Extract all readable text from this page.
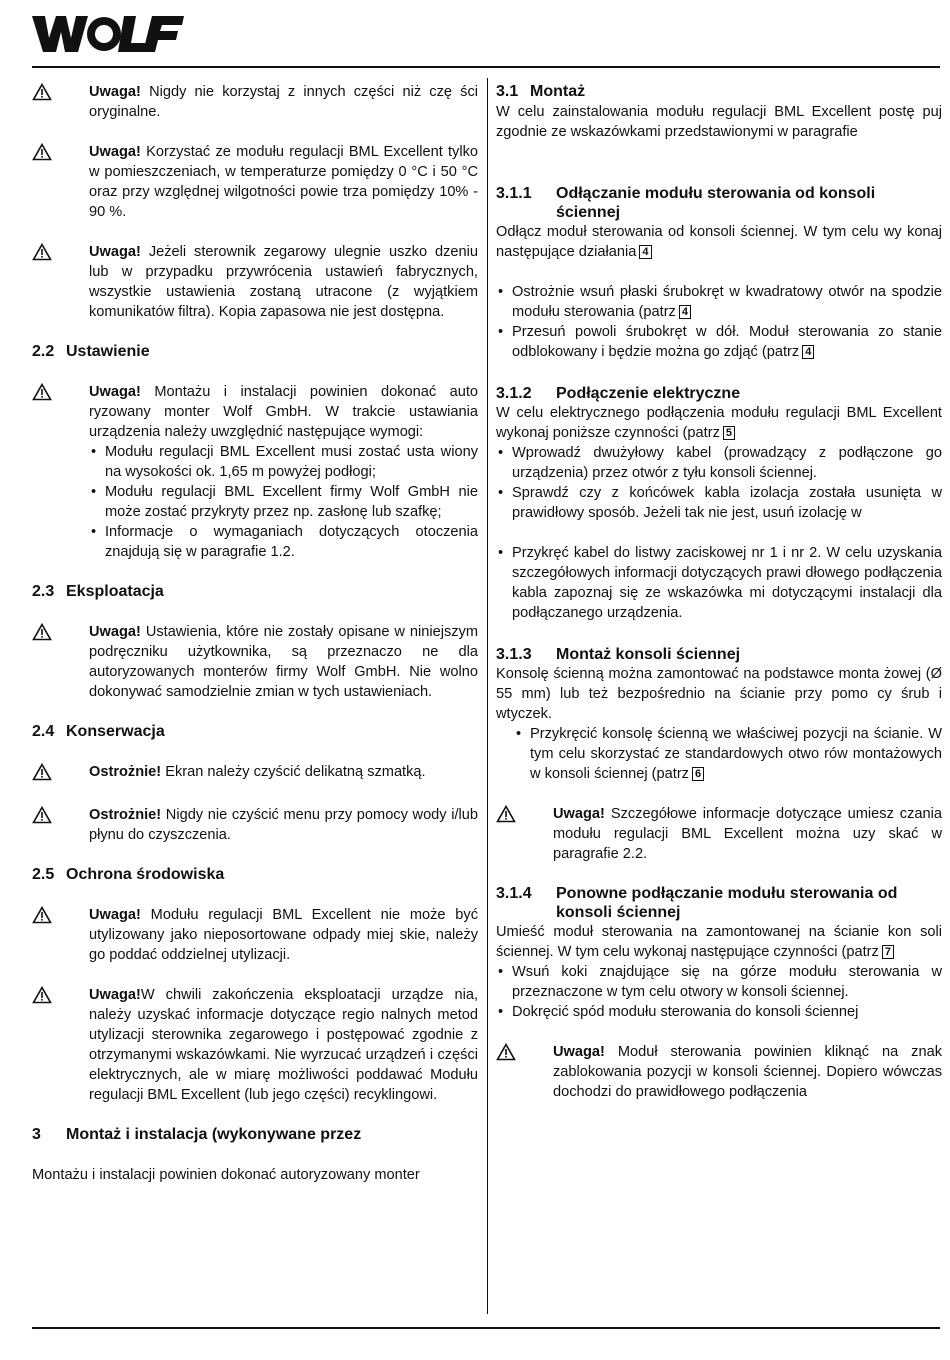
Uwaga! Nigdy nie korzystaj z innych części niż czę ści oryginalne.

Uwaga! Korzystać ze modułu regulacji BML Excellent tylko w pomieszczeniach, w temperaturze pomiędzy 0 °C i 50 °C oraz przy względnej wilgotności powie trza pomiędzy 10% - 90 %.

Uwaga! Jeżeli sterownik zegarowy ulegnie uszko dzeniu lub w przypadku przywrócenia ustawień fabrycznych, wszystkie ustawienia zostaną utracone (z wyjątkiem komunikatów filtra). Kopia zapasowa nie jest dostępna.

2.2 Ustawienie

Uwaga! Montażu i instalacji powinien dokonać auto ryzowany monter Wolf GmbH. W trakcie ustawiania urządzenia należy uwzględnić następujące wymogi:

• Modułu regulacji BML Excellent musi zostać usta wiony na wysokości ok. 1,65 m powyżej podłogi;
• Modułu regulacji BML Excellent firmy Wolf GmbH nie może zostać przykryty przez np. zasłonę lub szafkę;
• Informacje o wymaganiach dotyczących otoczenia znajdują się w paragrafie 1.2.
2.3 Eksploatacja

Uwaga! Ustawienia, które nie zostały opisane w niniejszym podręczniku użytkownika, są przeznaczo ne dla autoryzowanych monterów firmy Wolf GmbH. Nie wolno dokonywać samodzielnie zmian w tych ustawieniach.

2.4 Konserwacja

Ostrożnie! Ekran należy czyścić delikatną szmatką.

Ostrożnie! Nigdy nie czyścić menu przy pomocy wody i/lub płynu do czyszczenia.

2.5 Ochrona środowiska

Uwaga! Modułu regulacji BML Excellent nie może być utylizowany jako nieposortowane odpady miej skie, należy go poddać oddzielnej utylizacji.

Uwaga!W chwili zakończenia eksploatacji urządze nia, należy uzyskać informacje dotyczące regio nalnych metod utylizacji sterownika zegarowego i postępować zgodnie z otrzymanymi wskazówkami. Nie wyrzucać urządzeń i części elektrycznych, ale w miarę możliwości poddawać Modułu regulacji BML Excellent (lub jego części) recyklingowi.

3	Montaż i instalacja (wykonywane przez

Montażu i instalacji powinien dokonać autoryzowany monter

3.1 Montaż

W celu zainstalowania modułu regulacji BML Excellent postę puj zgodnie ze wskazówkami przedstawionymi w paragrafie

3.1.1	Odłączanie modułu sterowania od konsoli ściennej

Odłącz moduł sterowania od konsoli ściennej. W tym celu wy konaj następujące działania 4

• Ostrożnie wsuń płaski śrubokręt w kwadratowy otwór na spodzie modułu sterowania (patrz 4
• Przesuń powoli śrubokręt w dół. Moduł sterowania zo stanie odblokowany i będzie można go zdjąć (patrz 4
3.1.2	Podłączenie elektryczne

W celu elektrycznego podłączenia modułu regulacji BML Excellent wykonaj poniższe czynności (patrz 5

• Wprowadź dwużyłowy kabel (prowadzący z podłączone go urządzenia) przez otwór z tyłu konsoli ściennej.
• Sprawdź czy z końcówek kabla izolacja została usunięta w prawidłowy sposób. Jeżeli tak nie jest, usuń izolację w
• Przykręć kabel do listwy zaciskowej nr 1 i nr 2. W celu uzyskania szczegółowych informacji dotyczących prawi dłowego podłączenia kabla zapoznaj się ze wskazówka mi dotyczącymi instalacji dla podłączanego urządzenia.
3.1.3	Montaż konsoli ściennej

Konsolę ścienną można zamontować na podstawce monta żowej (Ø 55 mm) lub też bezpośrednio na ścianie przy pomo cy śrub i wtyczek.

• Przykręcić konsolę ścienną we właściwej pozycji na ścianie. W tym celu skorzystać ze standardowych otwo rów montażowych w konsoli ściennej (patrz 6

Uwaga! Szczegółowe informacje dotyczące umiesz czania modułu regulacji BML Excellent można uzy skać w paragrafie 2.2.

3.1.4	Ponowne podłączanie modułu sterowania od konsoli ściennej

Umieść moduł sterowania na zamontowanej na ścianie kon soli ściennej. W tym celu wykonaj następujące czynności (patrz 7

• Wsuń koki znajdujące się na górze modułu sterowania w przeznaczone w tym celu otwory w konsoli ściennej.
• Dokręcić spód modułu sterowania do konsoli ściennej

Uwaga! Moduł sterowania powinien kliknąć na znak zablokowania pozycji w konsoli ściennej. Dopiero wówczas dochodzi do prawidłowego podłączenia
